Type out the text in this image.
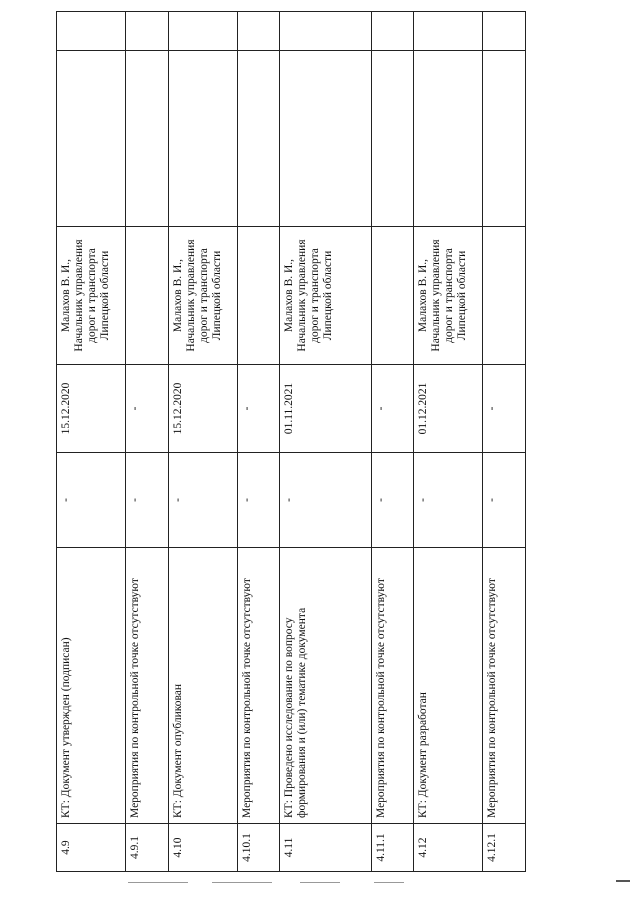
4.9	КТ: Документ утвержден (подписан)	-	15.12.2020	Малахов В. И., Начальник управления дорог и транспорта Липецкой области		
4.9.1	Мероприятия по контрольной точке отсутствуют	-	-			
4.10	КТ: Документ опубликован	-	15.12.2020	Малахов В. И., Начальник управления дорог и транспорта Липецкой области		
4.10.1	Мероприятия по контрольной точке отсутствуют	-	-			
4.11	КТ: Проведено исследование по вопросу формирования и (или) тематике документа	-	01.11.2021	Малахов В. И., Начальник управления дорог и транспорта Липецкой области		
4.11.1	Мероприятия по контрольной точке отсутствуют	-	-			
4.12	КТ: Документ разработан	-	01.12.2021	Малахов В. И., Начальник управления дорог и транспорта Липецкой области		
4.12.1	Мероприятия по контрольной точке отсутствуют	-	-			
